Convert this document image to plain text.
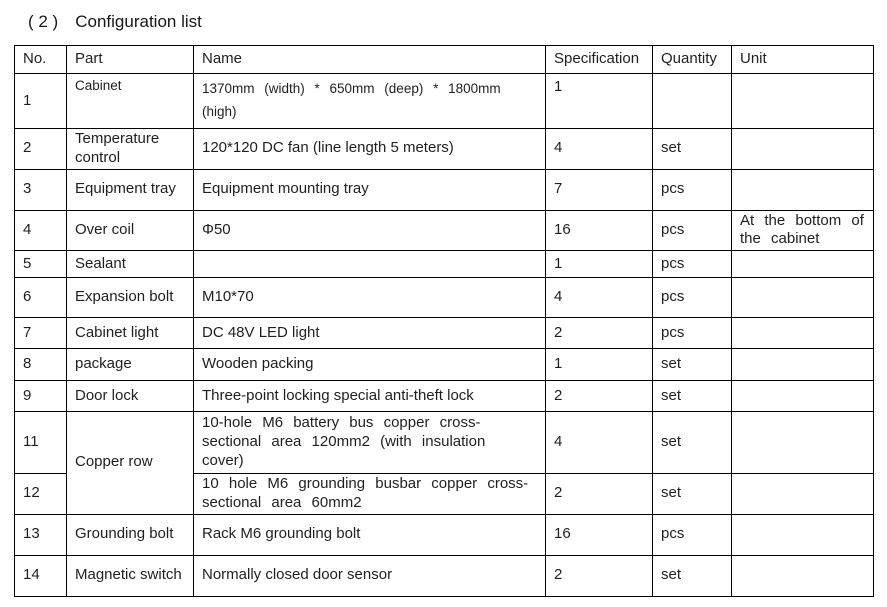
( 2 ) Configuration list
No.	Part	Name	Specification	Quantity	Unit
1	Cabinet	1370mm (width) * 650mm (deep) * 1800mm (high)	1		
2	Temperature control	120*120 DC fan (line length 5 meters)	4	set	
3	Equipment tray	Equipment mounting tray	7	pcs	
4	Over coil	Φ50	16	pcs	At the bottom of the cabinet
5	Sealant		1	pcs	
6	Expansion bolt	M10*70	4	pcs	
7	Cabinet light	DC 48V LED light	2	pcs	
8	package	Wooden packing	1	set	
9	Door lock	Three-point locking special anti-theft lock	2	set	
11	Copper row	10-hole M6 battery bus copper cross-sectional area 120mm2 (with insulation cover)	4	set	
12		10 hole M6 grounding busbar copper cross-sectional area 60mm2	2	set	
13	Grounding bolt	Rack M6 grounding bolt	16	pcs	
14	Magnetic switch	Normally closed door sensor	2	set	
